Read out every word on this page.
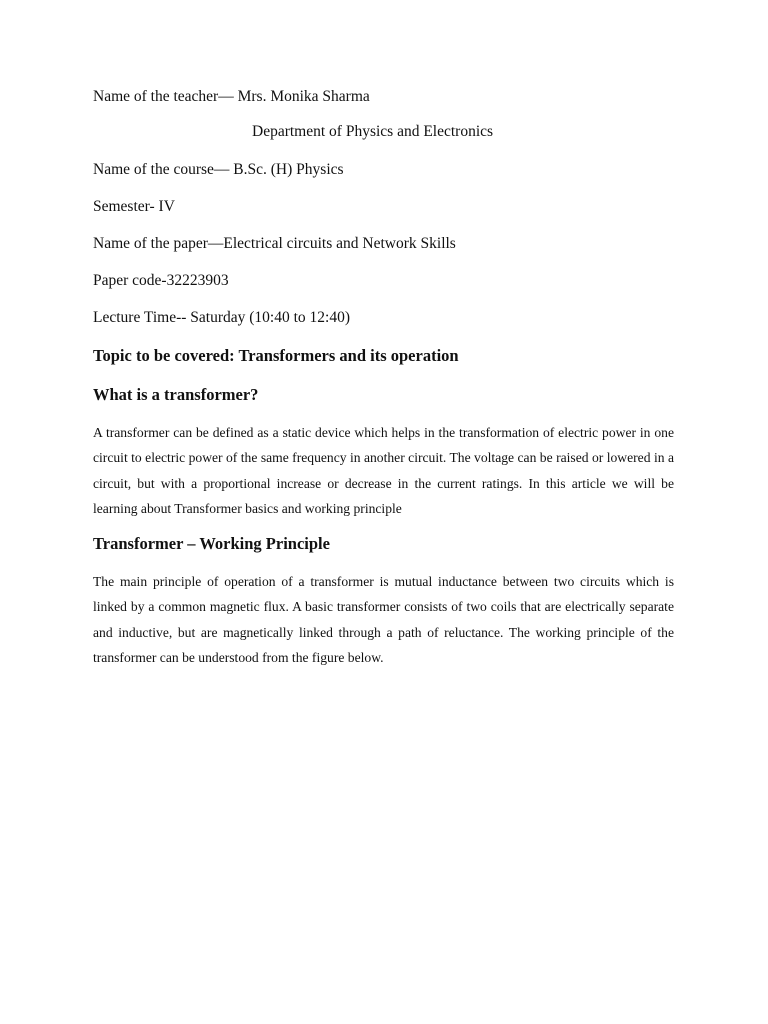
Name of the teacher— Mrs. Monika Sharma
Department of Physics and Electronics
Name of the course— B.Sc. (H) Physics
Semester- IV
Name of the paper—Electrical circuits and Network Skills
Paper code-32223903
Lecture Time-- Saturday (10:40 to 12:40)
Topic to be covered: Transformers and its operation
What is a transformer?
A transformer can be defined as a static device which helps in the transformation of electric power in one circuit to electric power of the same frequency in another circuit. The voltage can be raised or lowered in a circuit, but with a proportional increase or decrease in the current ratings. In this article we will be learning about Transformer basics and working principle
Transformer – Working Principle
The main principle of operation of a transformer is mutual inductance between two circuits which is linked by a common magnetic flux. A basic transformer consists of two coils that are electrically separate and inductive, but are magnetically linked through a path of reluctance. The working principle of the transformer can be understood from the figure below.
